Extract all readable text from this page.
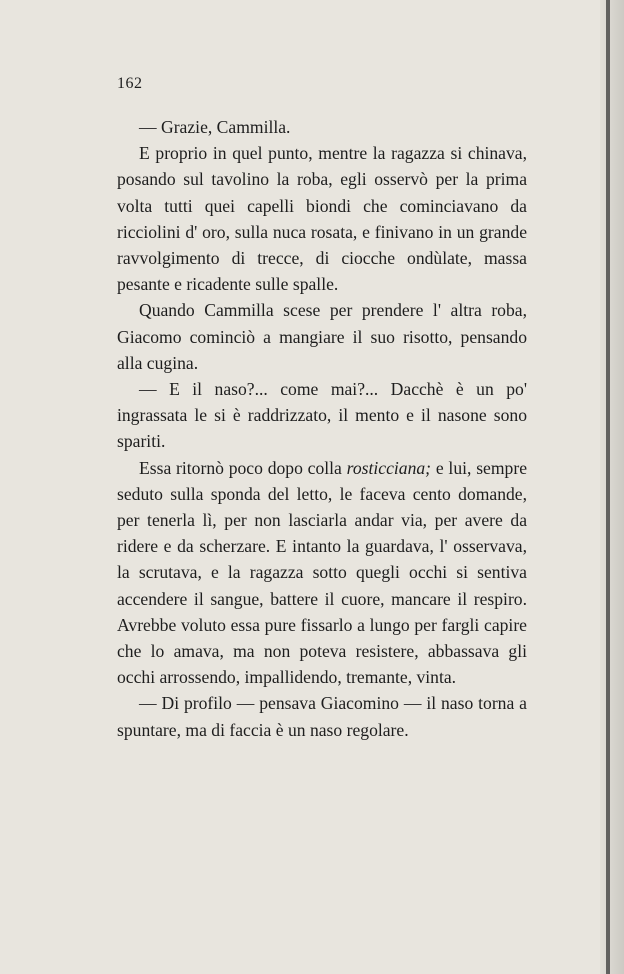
162

— Grazie, Cammilla.

E proprio in quel punto, mentre la ragazza si chinava, posando sul tavolino la roba, egli osservò per la prima volta tutti quei capelli biondi che cominciavano da ricciolini d' oro, sulla nuca rosata, e finivano in un grande ravvolgimento di trecce, di ciocche ondùlate, massa pesante e ricadente sulle spalle.

Quando Cammilla scese per prendere l' altra roba, Giacomo cominciò a mangiare il suo risotto, pensando alla cugina.

— E il naso?... come mai?... Dacchè è un po' ingrassata le si è raddrizzato, il mento e il nasone sono spariti.

Essa ritornò poco dopo colla rosticciana; e lui, sempre seduto sulla sponda del letto, le faceva cento domande, per tenerla lì, per non lasciarla andar via, per avere da ridere e da scherzare. E intanto la guardava, l' osservava, la scrutava, e la ragazza sotto quegli occhi si sentiva accendere il sangue, battere il cuore, mancare il respiro. Avrebbe voluto essa pure fissarlo a lungo per fargli capire che lo amava, ma non poteva resistere, abbassava gli occhi arrossendo, impallidendo, tremante, vinta.

— Di profilo — pensava Giacomino — il naso torna a spuntare, ma di faccia è un naso regolare.
